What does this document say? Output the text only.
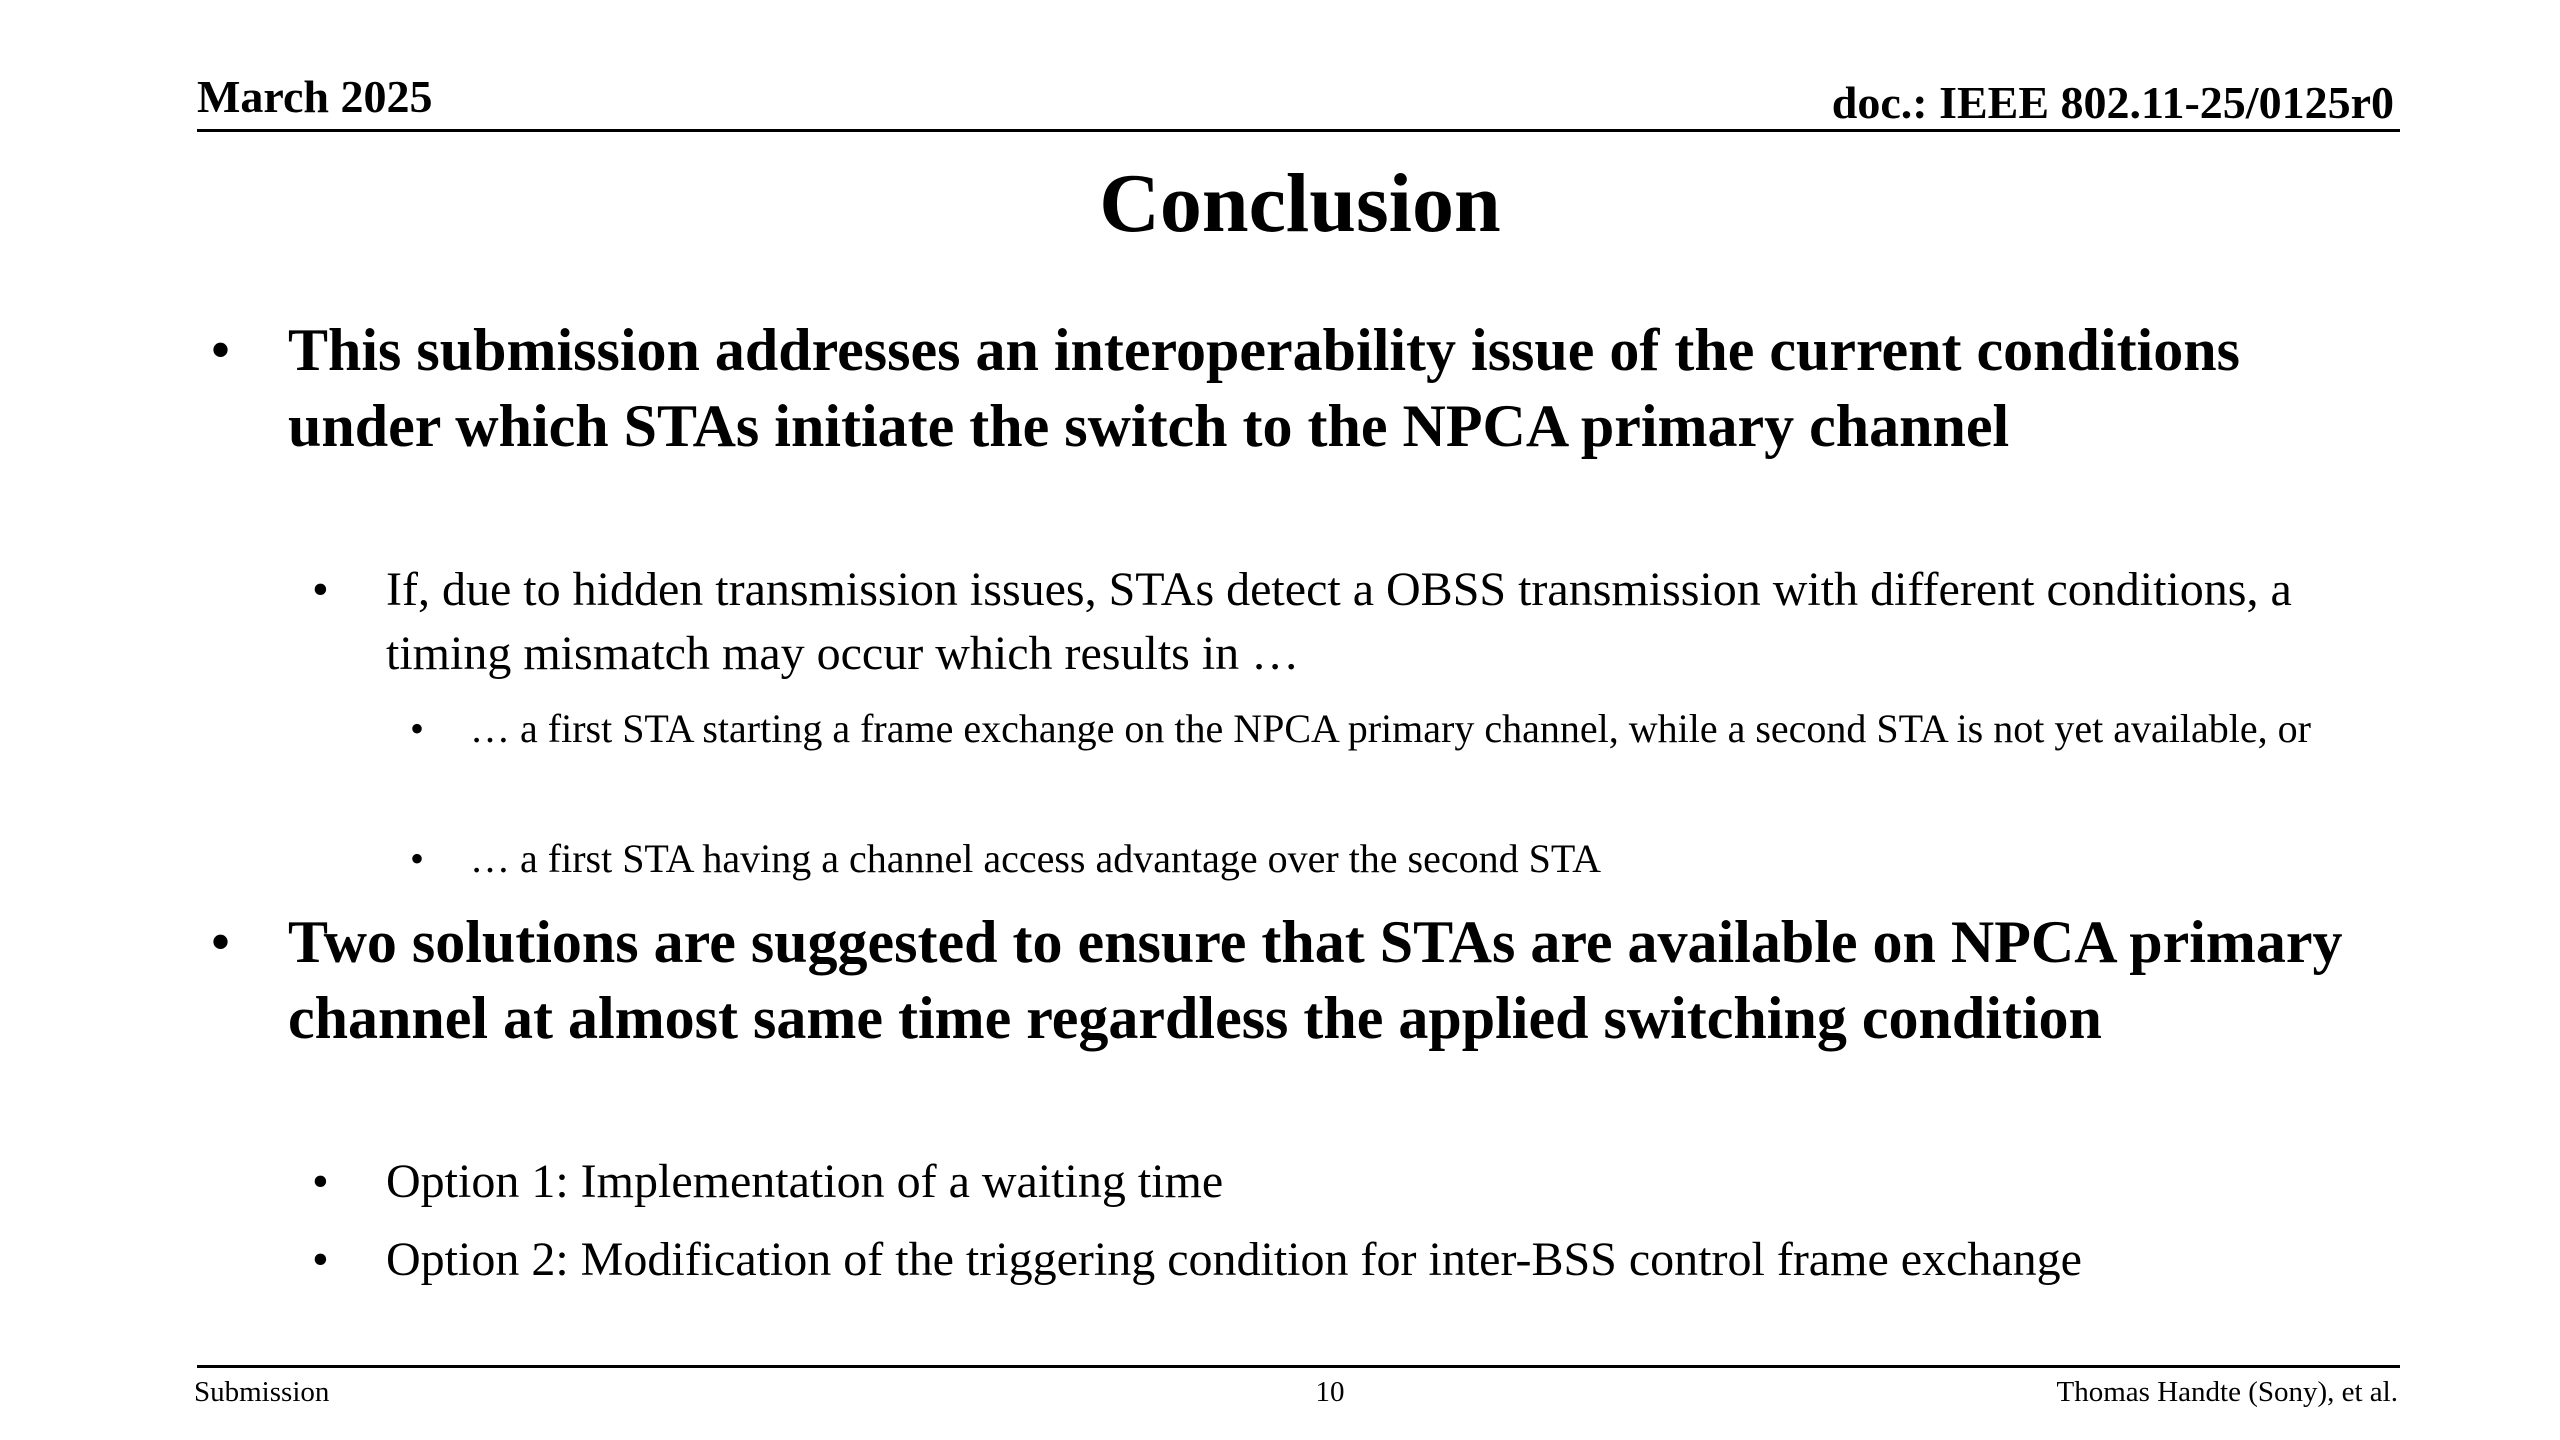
March 2025	doc.: IEEE 802.11-25/0125r0
Conclusion
• This submission addresses an interoperability issue of the current conditions under which STAs initiate the switch to the NPCA primary channel
• If, due to hidden transmission issues, STAs detect a OBSS transmission with different conditions, a timing mismatch may occur which results in …
• … a first STA starting a frame exchange on the NPCA primary channel, while a second STA is not yet available, or
• … a first STA having a channel access advantage over the second STA
• Two solutions are suggested to ensure that STAs are available on NPCA primary channel at almost same time regardless the applied switching condition
• Option 1: Implementation of a waiting time
• Option 2: Modification of the triggering condition for inter-BSS control frame exchange
Submission	10	Thomas Handte (Sony), et al.
